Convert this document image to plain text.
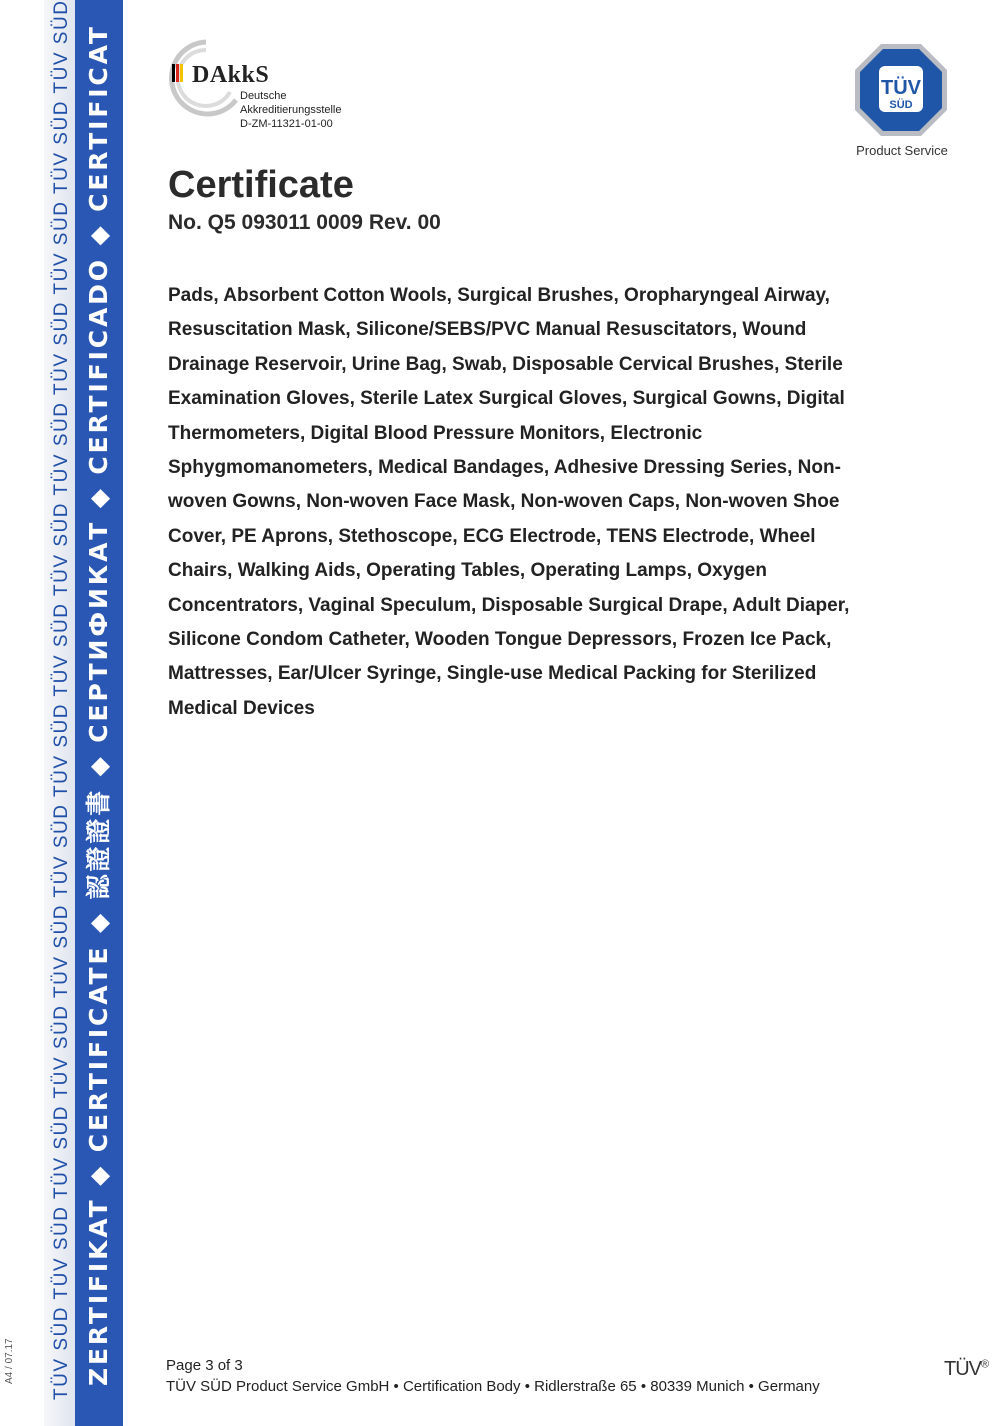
TÜV SÜD TÜV SÜD TÜV SÜD TÜV SÜD TÜV SÜD TÜV SÜD TÜV SÜD TÜV SÜD TÜV SÜD TÜV SÜD TÜV SÜD TÜV SÜD TÜV SÜD TÜV SÜD
ZERTIFIKAT ◆ CERTIFICATE ◆ 認證證書 ◆ СЕРТИФИКАТ ◆ CERTIFICADO ◆ CERTIFICAT
A4 / 07.17
DAkkS
Deutsche
Akkreditierungsstelle
D-ZM-11321-01-00
TÜV
SÜD
Product Service
Certificate
No. Q5 093011 0009 Rev. 00
Pads, Absorbent Cotton Wools, Surgical Brushes, Oropharyngeal Airway,
Resuscitation Mask, Silicone/SEBS/PVC Manual Resuscitators, Wound
Drainage Reservoir, Urine Bag, Swab, Disposable Cervical Brushes, Sterile
Examination Gloves, Sterile Latex Surgical Gloves, Surgical Gowns, Digital
Thermometers, Digital Blood Pressure Monitors, Electronic
Sphygmomanometers, Medical Bandages, Adhesive Dressing Series, Non-
woven Gowns, Non-woven Face Mask, Non-woven Caps, Non-woven Shoe
Cover, PE Aprons, Stethoscope, ECG Electrode, TENS Electrode, Wheel
Chairs, Walking Aids, Operating Tables, Operating Lamps, Oxygen
Concentrators, Vaginal Speculum, Disposable Surgical Drape, Adult Diaper,
Silicone Condom Catheter, Wooden Tongue Depressors, Frozen Ice Pack,
Mattresses, Ear/Ulcer Syringe, Single-use Medical Packing for Sterilized
Medical Devices
Page 3 of 3
TÜV SÜD Product Service GmbH • Certification Body • Ridlerstraße 65 • 80339 Munich • Germany
TÜV®
